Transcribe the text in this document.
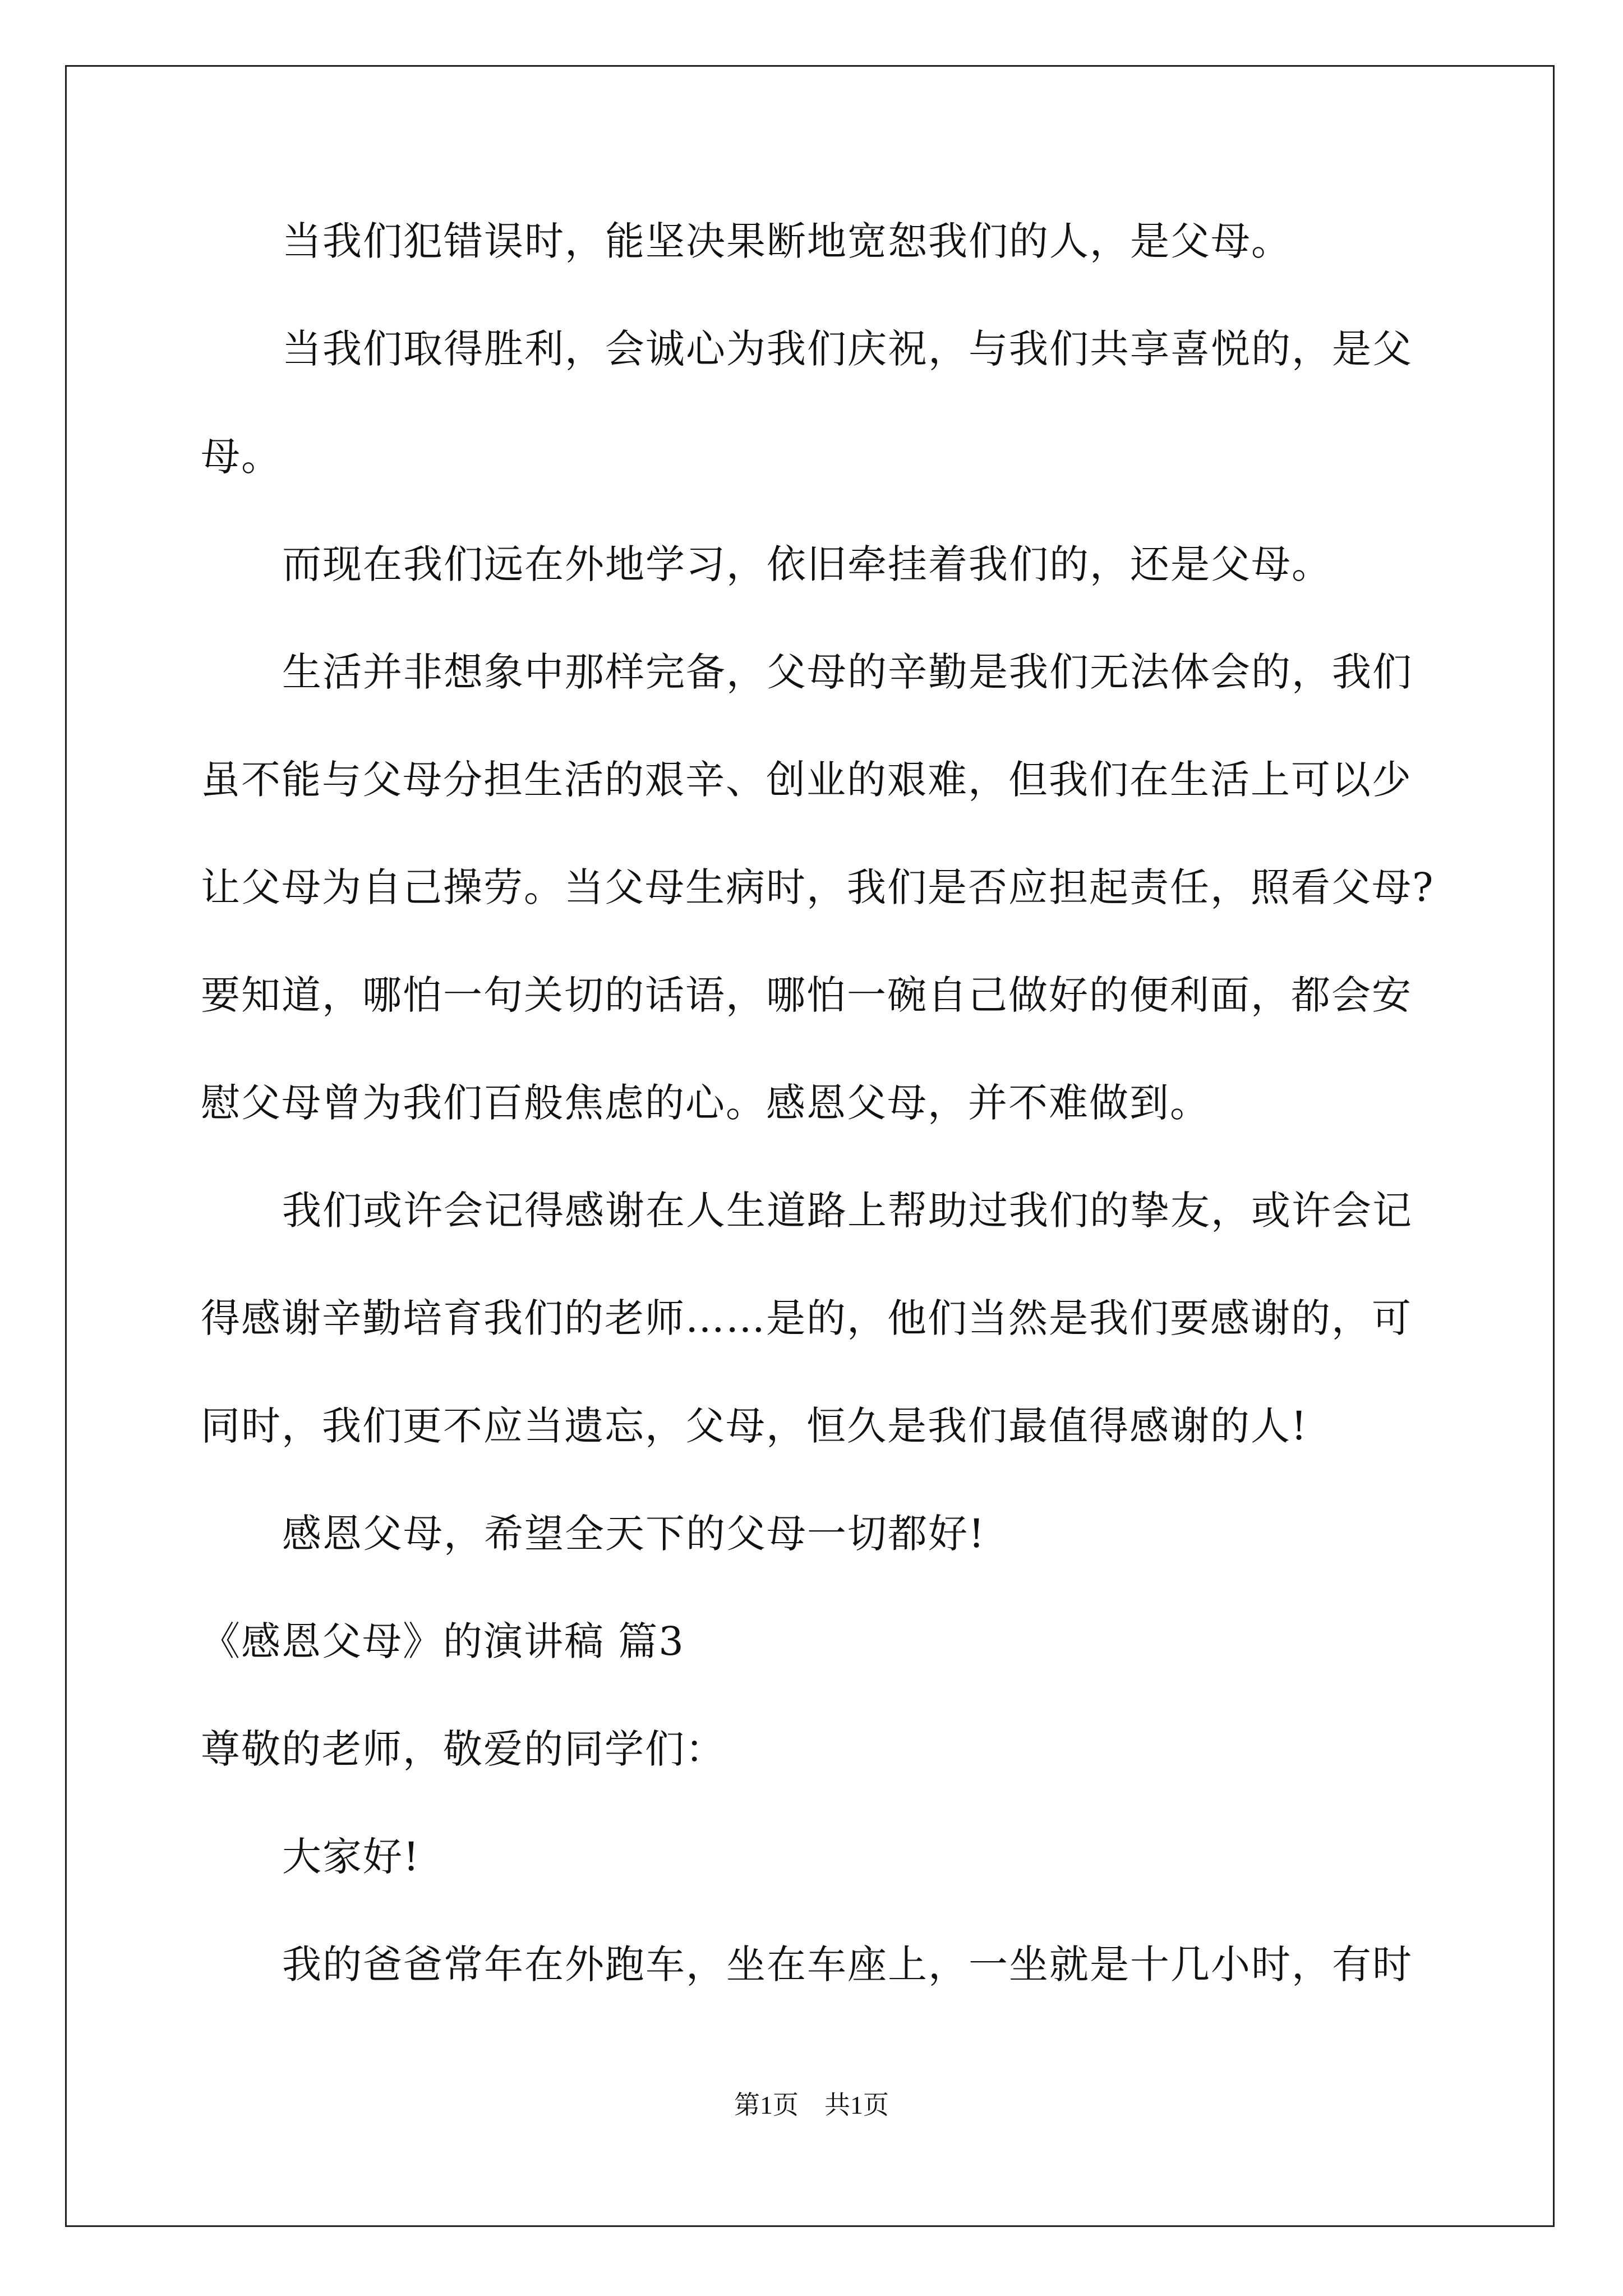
当我们犯错误时，能坚决果断地宽恕我们的人，是父母。
当我们取得胜利，会诚心为我们庆祝，与我们共享喜悦的，是父
母。
而现在我们远在外地学习，依旧牵挂着我们的，还是父母。
生活并非想象中那样完备，父母的辛勤是我们无法体会的，我们
虽不能与父母分担生活的艰辛、创业的艰难，但我们在生活上可以少
让父母为自己操劳。当父母生病时，我们是否应担起责任，照看父母?
要知道，哪怕一句关切的话语，哪怕一碗自己做好的便利面，都会安
慰父母曾为我们百般焦虑的心。感恩父母，并不难做到。
我们或许会记得感谢在人生道路上帮助过我们的挚友，或许会记
得感谢辛勤培育我们的老师……是的，他们当然是我们要感谢的，可
同时，我们更不应当遗忘，父母，恒久是我们最值得感谢的人!
感恩父母，希望全天下的父母一切都好!
《感恩父母》的演讲稿 篇3
尊敬的老师，敬爱的同学们：
大家好!
我的爸爸常年在外跑车，坐在车座上，一坐就是十几小时，有时
第1页　共1页
